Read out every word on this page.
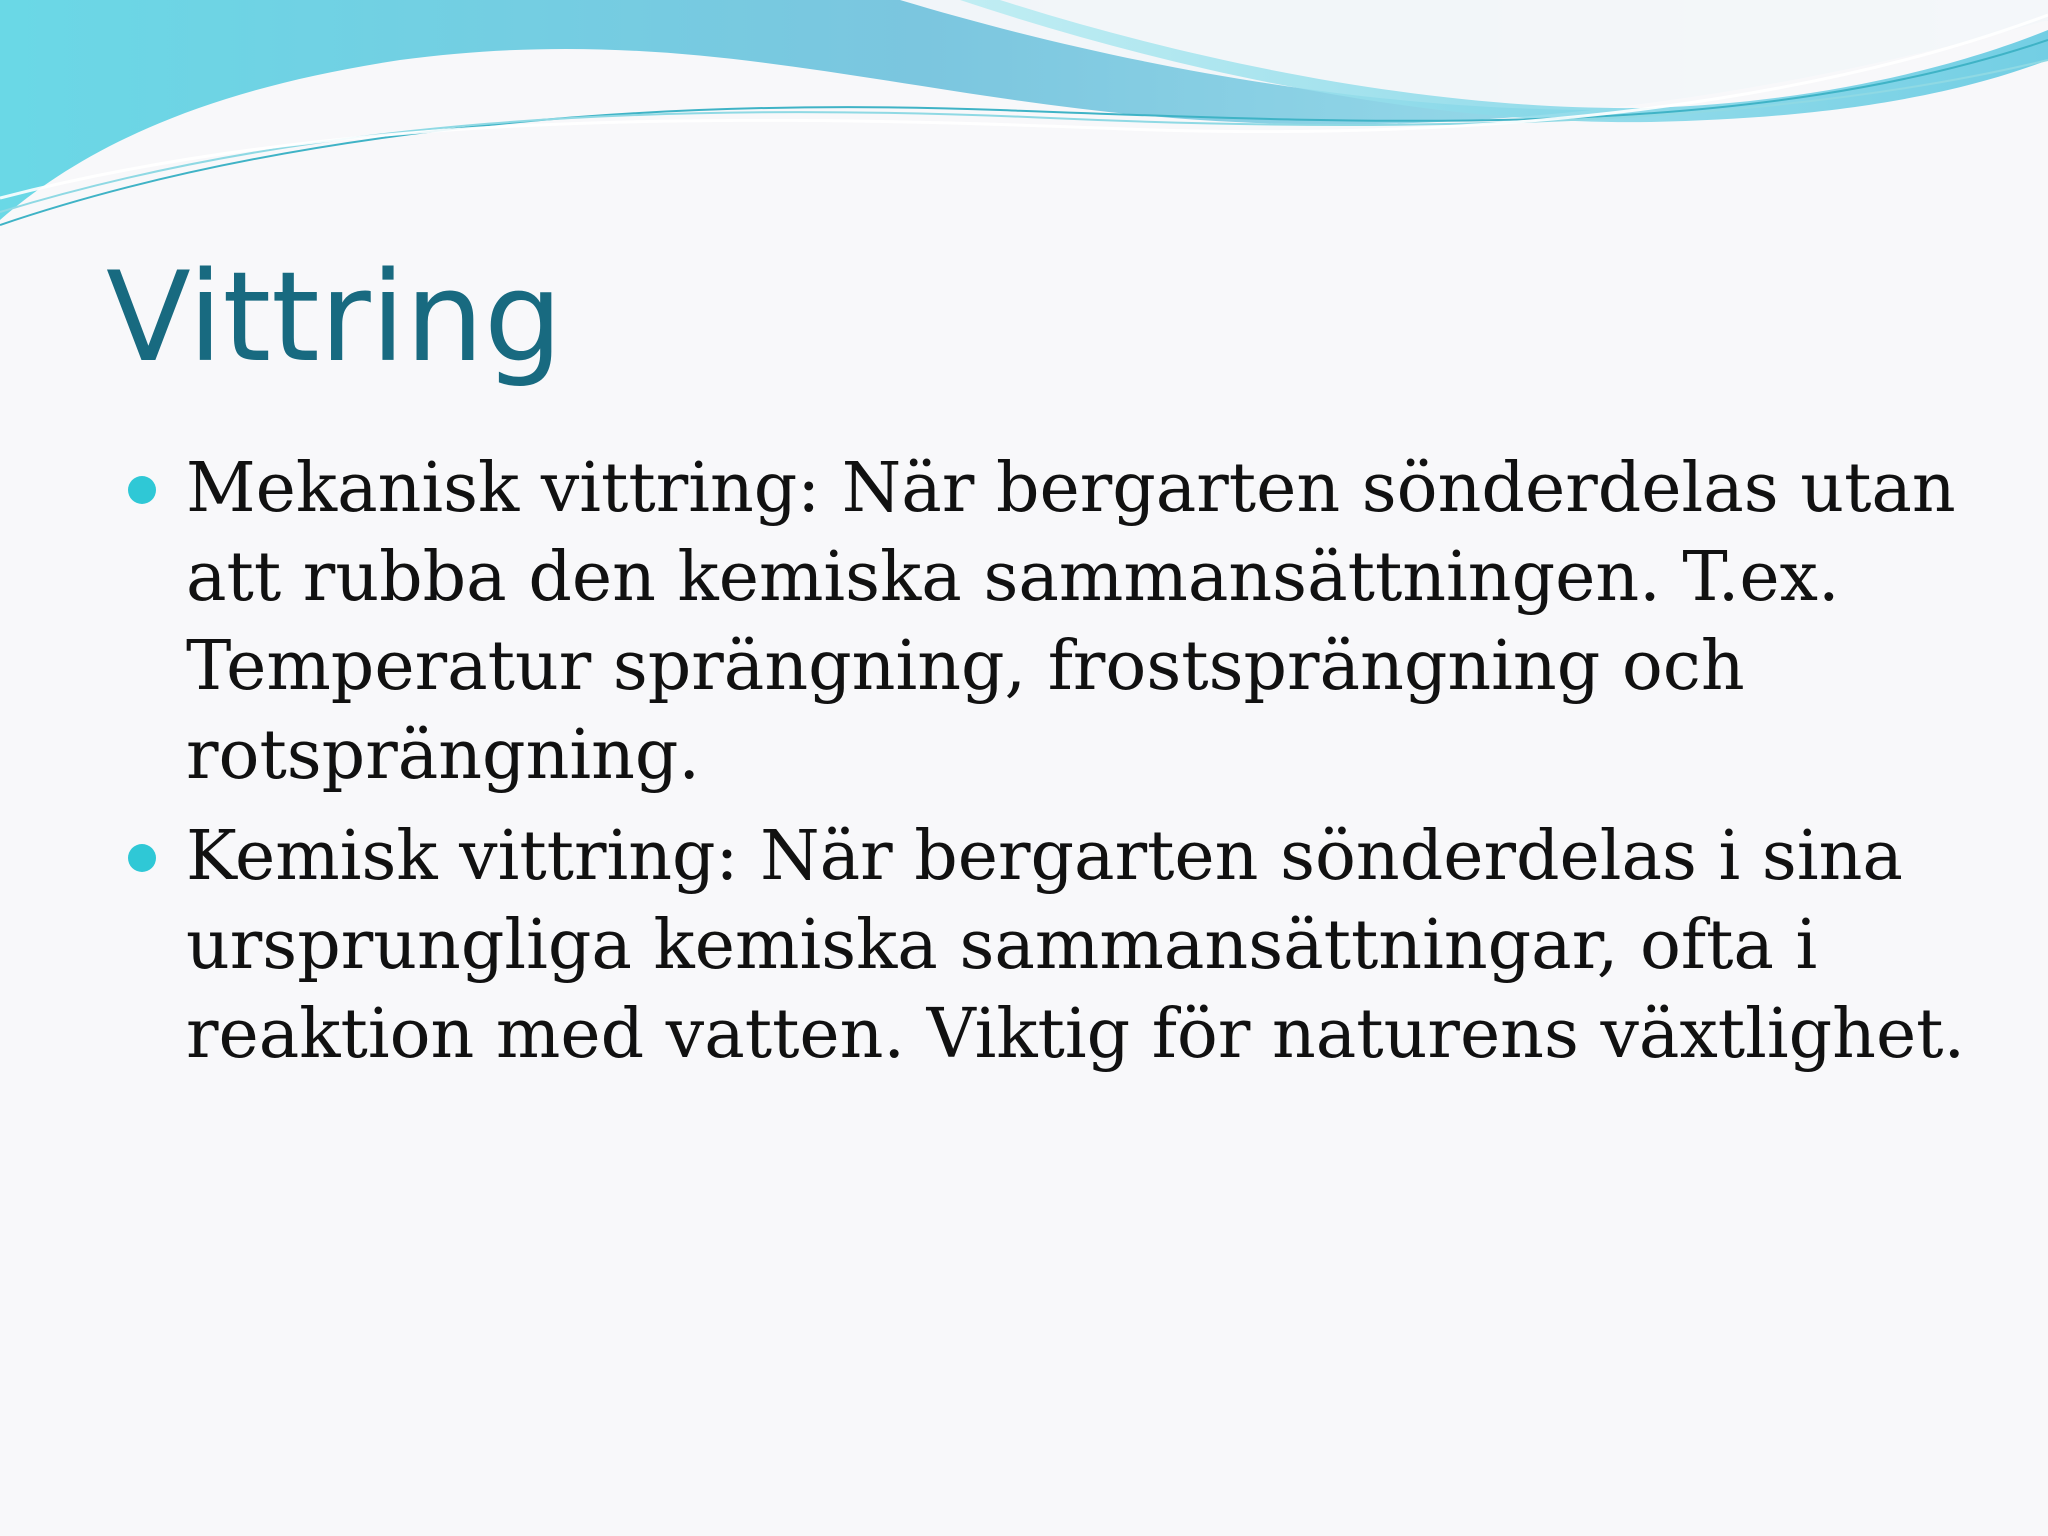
Vittring
Mekanisk vittring: När bergarten sönderdelas utan att rubba den kemiska sammansättningen. T.ex. Temperatur sprängning, frostsprängning och rotsprängning.
Kemisk vittring: När bergarten sönderdelas i sina ursprungliga kemiska sammansättningar, ofta i reaktion med vatten. Viktig för naturens växtlighet.
